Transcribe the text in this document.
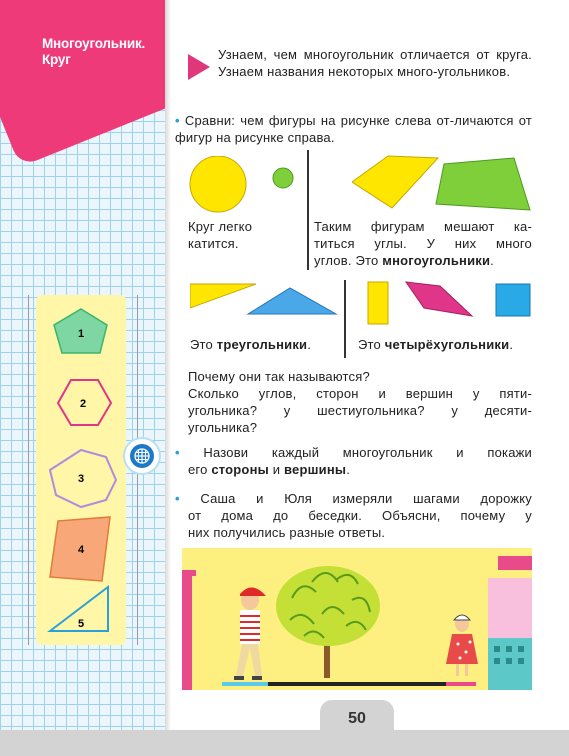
Многоугольник.
Круг
1
2
3
4
5
Узнаем, чем многоугольник отличается от круга. Узнаем названия некоторых много-угольников.
• Сравни: чем фигуры на рисунке слева от-личаются от фигур на рисунке справа.
Круг легко
катится.
Таким фигурам мешают ка-
титься углы. У них много
углов. Это многоугольники.
Это треугольники.	Это четырёхугольники.
Почему они так называются?
Сколько углов, сторон и вершин у пяти-
угольника? у шестиугольника? у десяти-
угольника?
• Назови каждый многоугольник и покажи
его стороны и вершины.
• Саша и Юля измеряли шагами дорожку
от дома до беседки. Объясни, почему у
них получились разные ответы.
50
